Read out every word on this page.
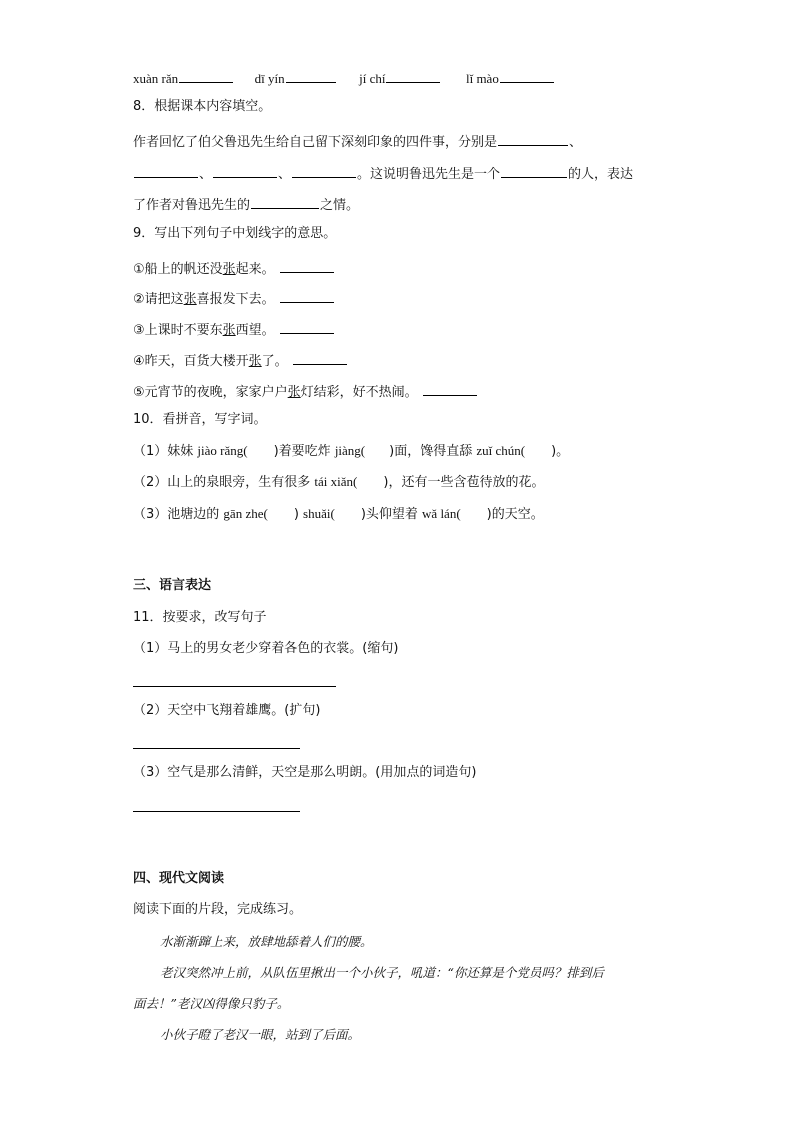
xuàn rǎn	dī yín	jí chí	lǐ mào
8．根据课本内容填空。
作者回忆了伯父鲁迅先生给自己留下深刻印象的四件事，分别是	、
、	、	。这说明鲁迅先生是一个	的人，表达
了作者对鲁迅先生的	之情。
9．写出下列句子中划线字的意思。
①船上的帆还没张起来。
②请把这张喜报发下去。
③上课时不要东张西望。
④昨天，百货大楼开张了。
⑤元宵节的夜晚，家家户户张灯结彩，好不热闹。
10．看拼音，写字词。
（1）妹妹 jiào rǎng( )着要吃炸 jiàng( )面，馋得直舔 zuǐ chún( )。
（2）山上的泉眼旁，生有很多 tái xiǎn( )，还有一些含苞待放的花。
（3）池塘边的 gān zhe( ) shuǎi( )头仰望着 wǎ lán( )的天空。
三、语言表达
11．按要求，改写句子
（1）马上的男女老少穿着各色的衣裳。(缩句)
（2）天空中飞翔着雄鹰。(扩句)
（3）空气是那么清鲜，天空是那么明朗。(用加点的词造句)
四、现代文阅读
阅读下面的片段，完成练习。
水渐渐蹿上来，放肆地舔着人们的腰。
老汉突然冲上前，从队伍里揪出一个小伙子，吼道：“你还算是个党员吗？排到后
面去！”老汉凶得像只豹子。
小伙子瞪了老汉一眼，站到了后面。
